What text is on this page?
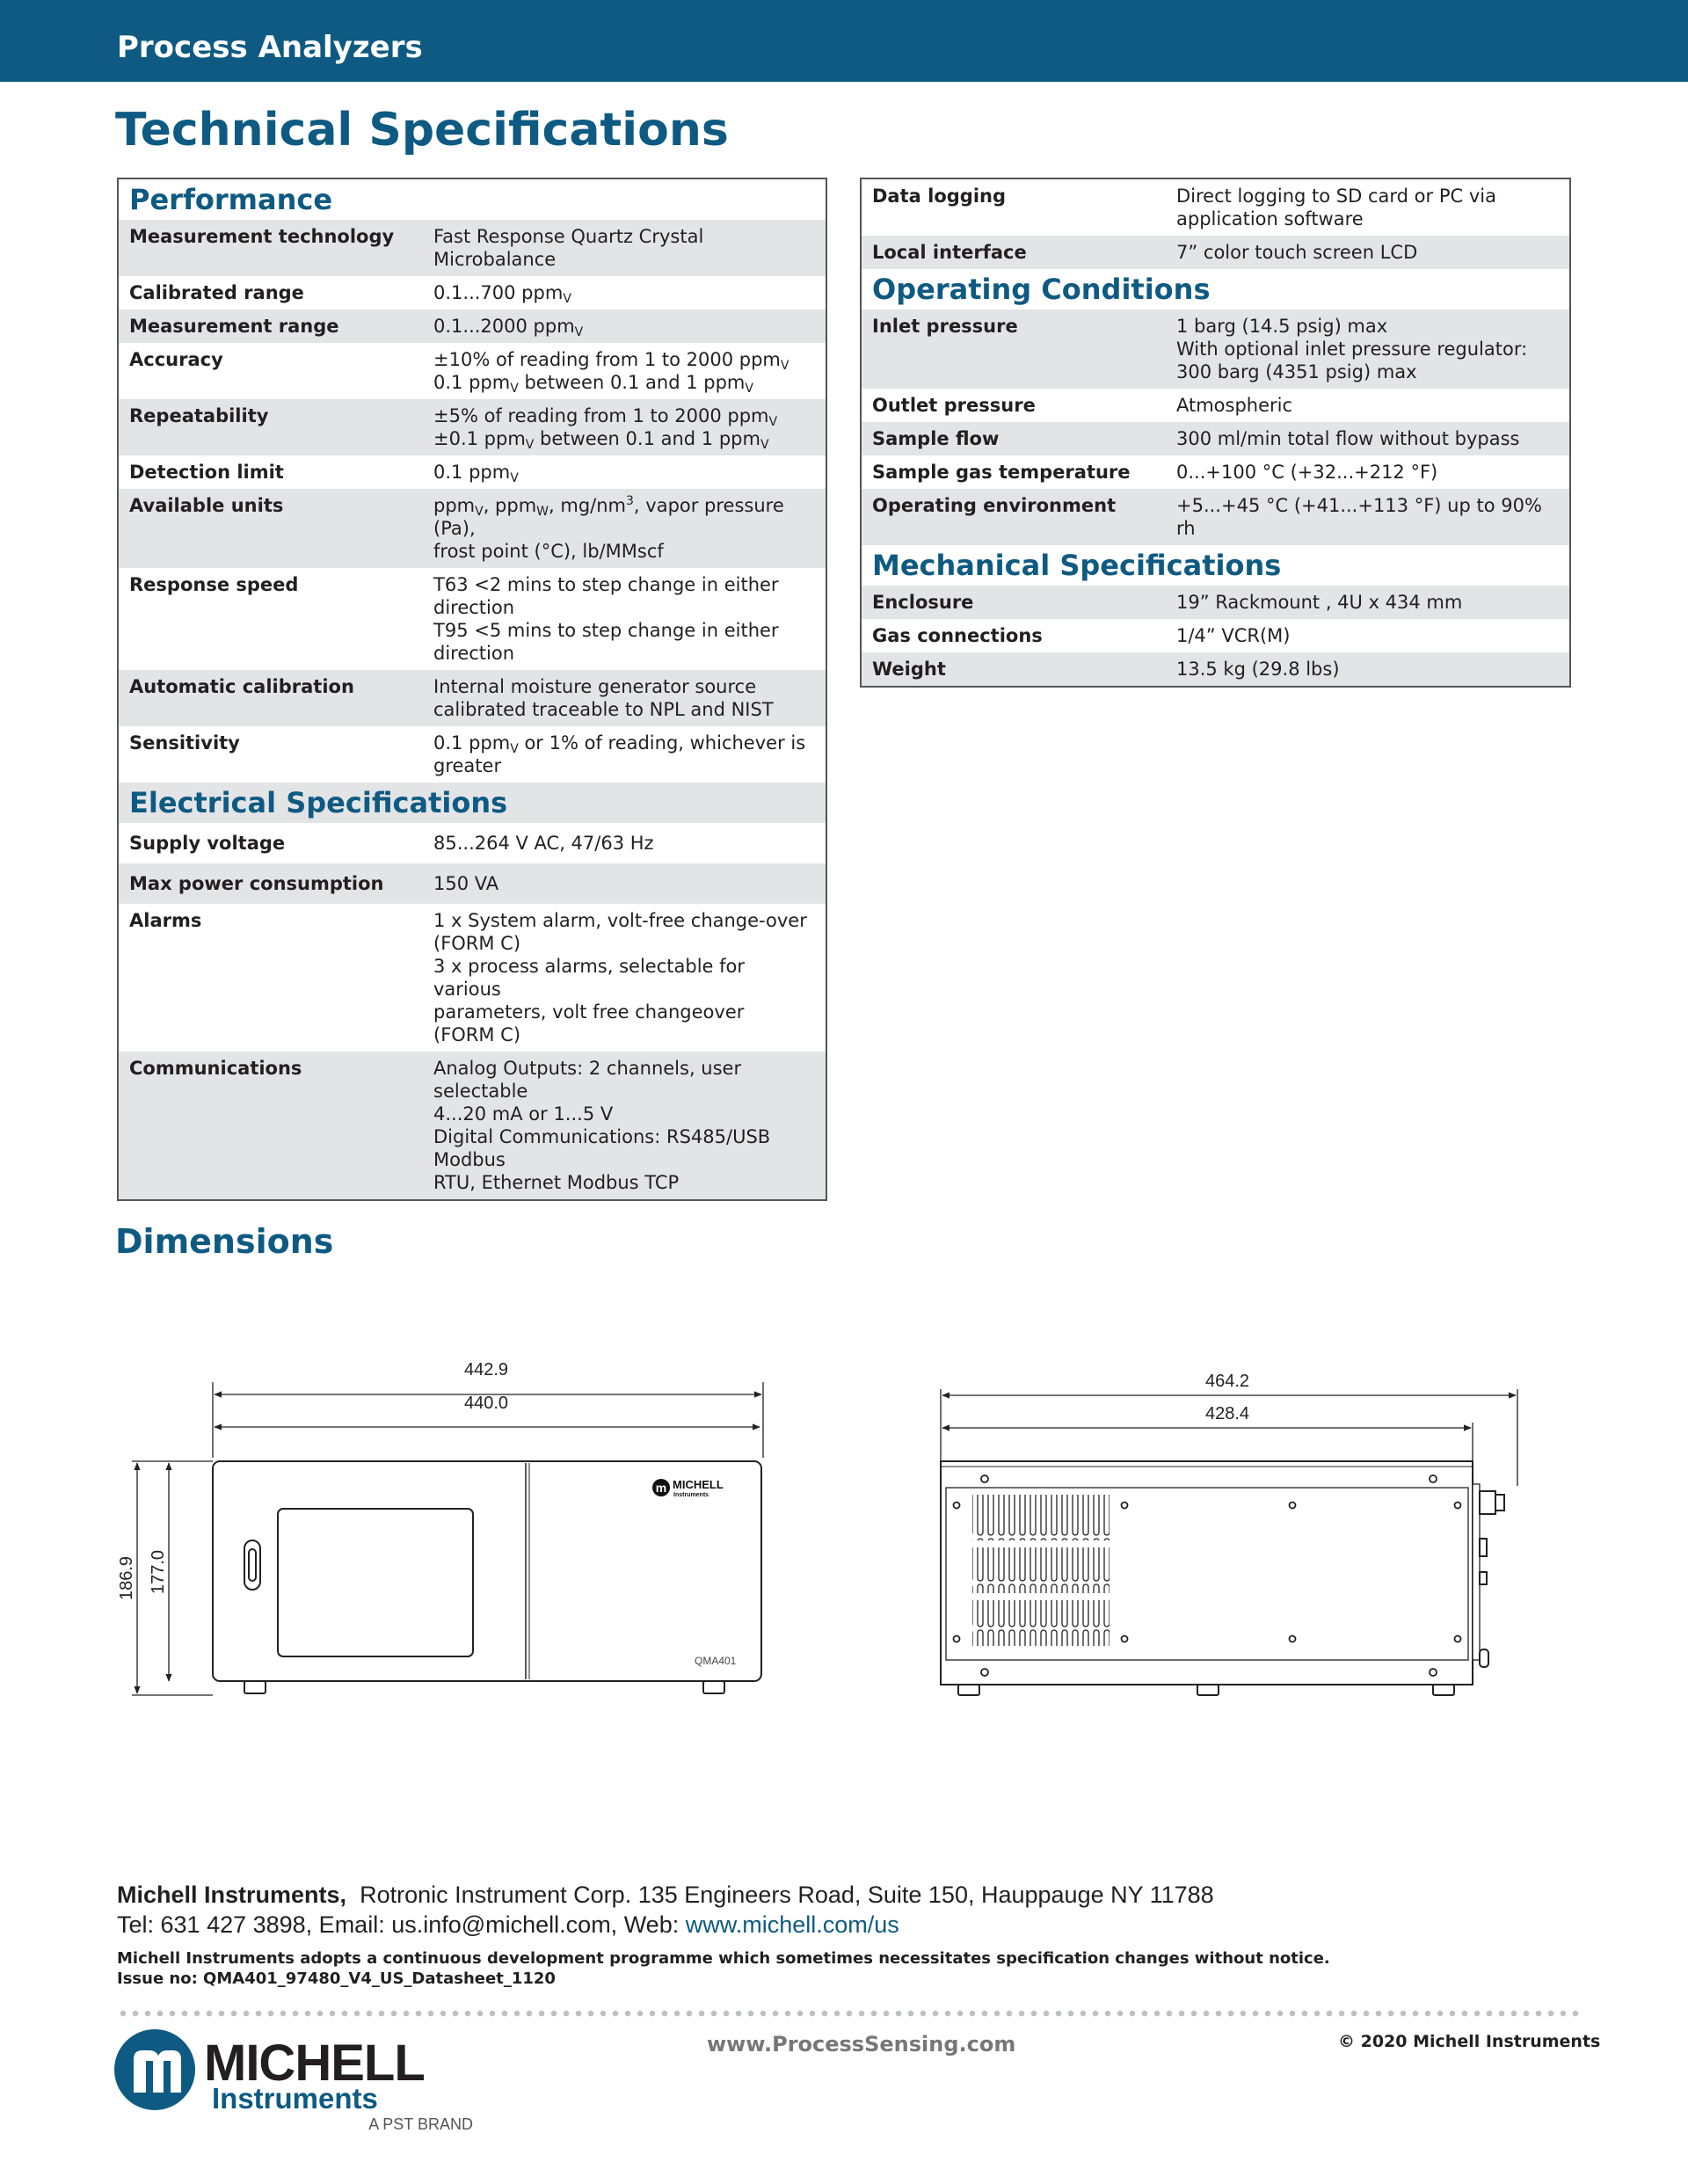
Process Analyzers
Technical Specifications
Performance	
Measurement technology	Fast Response Quartz Crystal Microbalance
Calibrated range	0.1...700 ppm$_V$
Measurement range	0.1...2000 ppm$_V$
Accuracy	±10% of reading from 1 to 2000 ppm$_V$
0.1 ppm$_V$ between 0.1 and 1 ppm$_V$
Repeatability	±5% of reading from 1 to 2000 ppm$_V$
±0.1 ppm$_V$ between 0.1 and 1 ppm$_V$
Detection limit	0.1 ppm$_V$
Available units	ppm$_V$, ppm$_W$, $mg/nm^3$, vapor pressure (Pa),
frost point (°C), lb/MMscf
Response speed	T63 <2 mins to step change in either
direction
T95 <5 mins to step change in either
direction
Automatic calibration	Internal moisture generator source
calibrated traceable to NPL and NIST
Sensitivity	0.1 ppm$_V$ or 1% of reading, whichever is
greater
Electrical Specifications	
Supply voltage	85...264 V AC, 47/63 Hz
Max power consumption	150 VA
Alarms	1 x System alarm, volt-free change-over
(FORM C)
3 x process alarms, selectable for various
parameters, volt free changeover
(FORM C)
Communications	Analog Outputs: 2 channels, user selectable
4...20 mA or 1...5 V
Digital Communications: RS485/USB Modbus
RTU, Ethernet Modbus TCP
Data logging	Direct logging to SD card or PC via
application software
Local interface	7” color touch screen LCD
Operating Conditions	
Inlet pressure	1 barg (14.5 psig) max
With optional inlet pressure regulator:
300 barg (4351 psig) max
Outlet pressure	Atmospheric
Sample flow	300 ml/min total flow without bypass
Sample gas temperature	0...+100 °C (+32...+212 °F)
Operating environment	+5...+45 °C (+41...+113 °F) up to 90% rh
Mechanical Specifications	
Enclosure	19” Rackmount , 4U x 434 mm
Gas connections	1/4” VCR(M)
Weight	13.5 kg (29.8 lbs)
Dimensions
m MICHELL
Instruments
442.9
440.0
186.9 177.0
QMA401
464.2
428.4
Michell Instruments, Rotronic Instrument Corp. 135 Engineers Road, Suite 150, Hauppauge NY 11788
Tel: 631 427 3898, Email: us.info@michell.com, Web: www.michell.com/us
Michell Instruments adopts a continuous development programme which sometimes necessitates specification changes without notice.
Issue no: QMA401_97480_V4_US_Datasheet_1120
MICHELL
Instruments
A PST BRAND
www.ProcessSensing.com	© 2020 Michell Instruments
